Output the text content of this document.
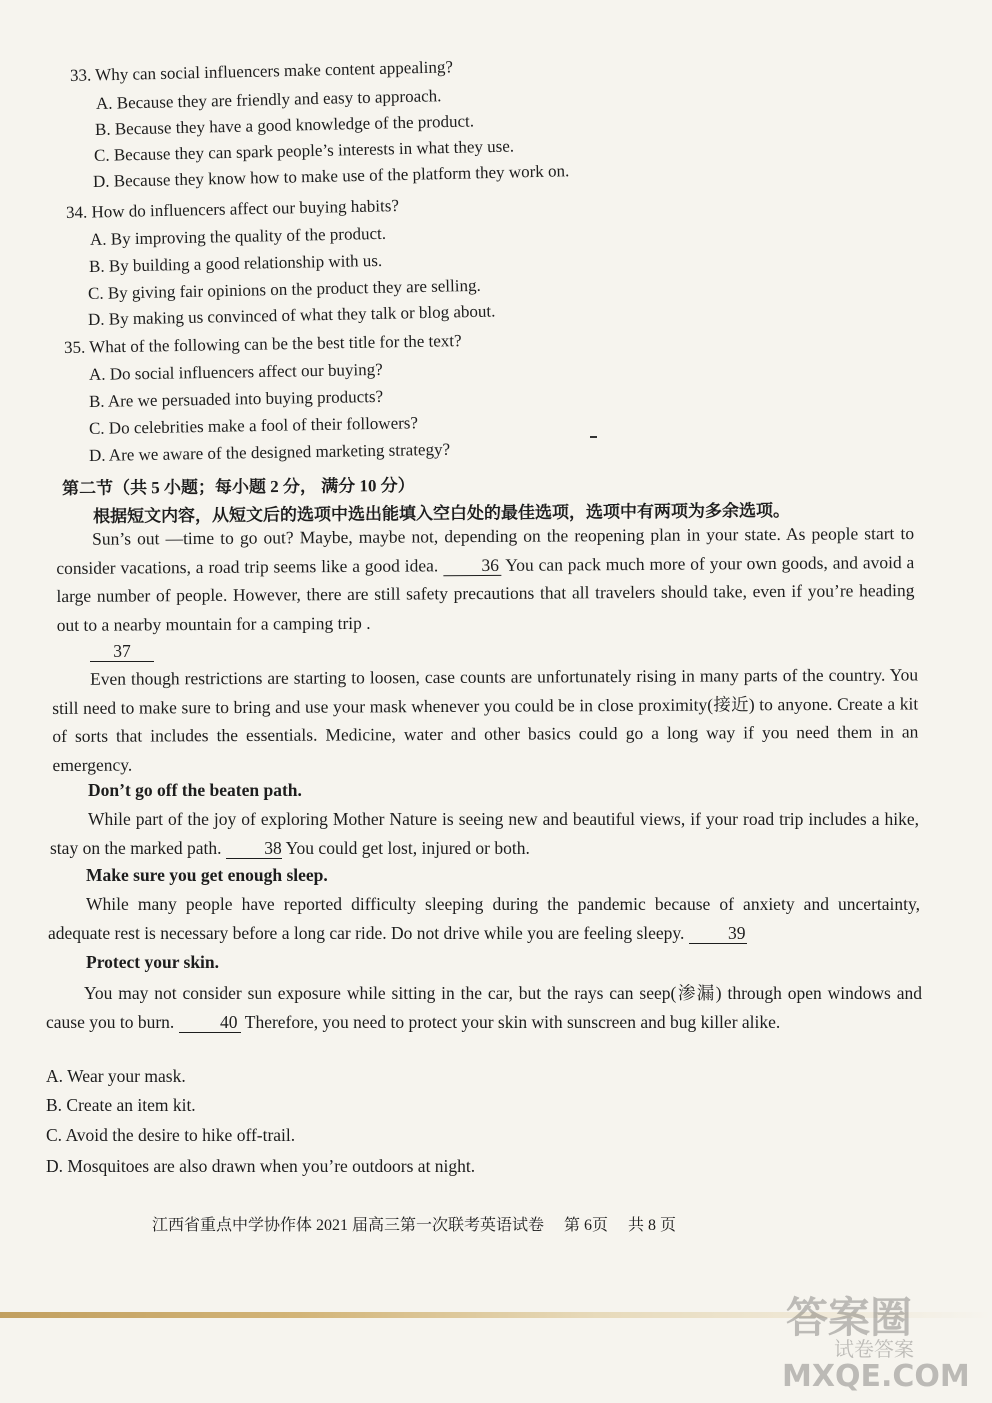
33. Why can social influencers make content appealing?
A. Because they are friendly and easy to approach.
B. Because they have a good knowledge of the product.
C. Because they can spark people’s interests in what they use.
D. Because they know how to make use of the platform they work on.
34. How do influencers affect our buying habits?
A. By improving the quality of the product.
B. By building a good relationship with us.
C. By giving fair opinions on the product they are selling.
D. By making us convinced of what they talk or blog about.
35. What of the following can be the best title for the text?
A. Do social influencers affect our buying?
B. Are we persuaded into buying products?
C. Do celebrities make a fool of their followers?
D. Are we aware of the designed marketing strategy?
第二节（共 5 小题；每小题 2 分， 满分 10 分）
根据短文内容，从短文后的选项中选出能填入空白处的最佳选项，选项中有两项为多余选项。
Sun’s out —time to go out? Maybe, maybe not, depending on the reopening plan in your state. As people start to consider vacations, a road trip seems like a good idea. 36 You can pack much more of your own goods, and avoid a large number of people. However, there are still safety precautions that all travelers should take, even if you’re heading out to a nearby mountain for a camping trip .
37
Even though restrictions are starting to loosen, case counts are unfortunately rising in many parts of the country. You still need to make sure to bring and use your mask whenever you could be in close proximity(接近) to anyone. Create a kit of sorts that includes the essentials. Medicine, water and other basics could go a long way if you need them in an emergency.
Don’t go off the beaten path.
While part of the joy of exploring Mother Nature is seeing new and beautiful views, if your road trip includes a hike, stay on the marked path. 38 You could get lost, injured or both.
Make sure you get enough sleep.
While many people have reported difficulty sleeping during the pandemic because of anxiety and uncertainty, adequate rest is necessary before a long car ride. Do not drive while you are feeling sleepy. 39
Protect your skin.
You may not consider sun exposure while sitting in the car, but the rays can seep(渗漏) through open windows and cause you to burn.	40 Therefore, you need to protect your skin with sunscreen and bug killer alike.
A. Wear your mask.
B. Create an item kit.
C. Avoid the desire to hike off-trail.
D. Mosquitoes are also drawn when you’re outdoors at night.
江西省重点中学协作体 2021 届高三第一次联考英语试卷 第 6页 共 8 页
答案圈
试卷答案
MXQE.COM
